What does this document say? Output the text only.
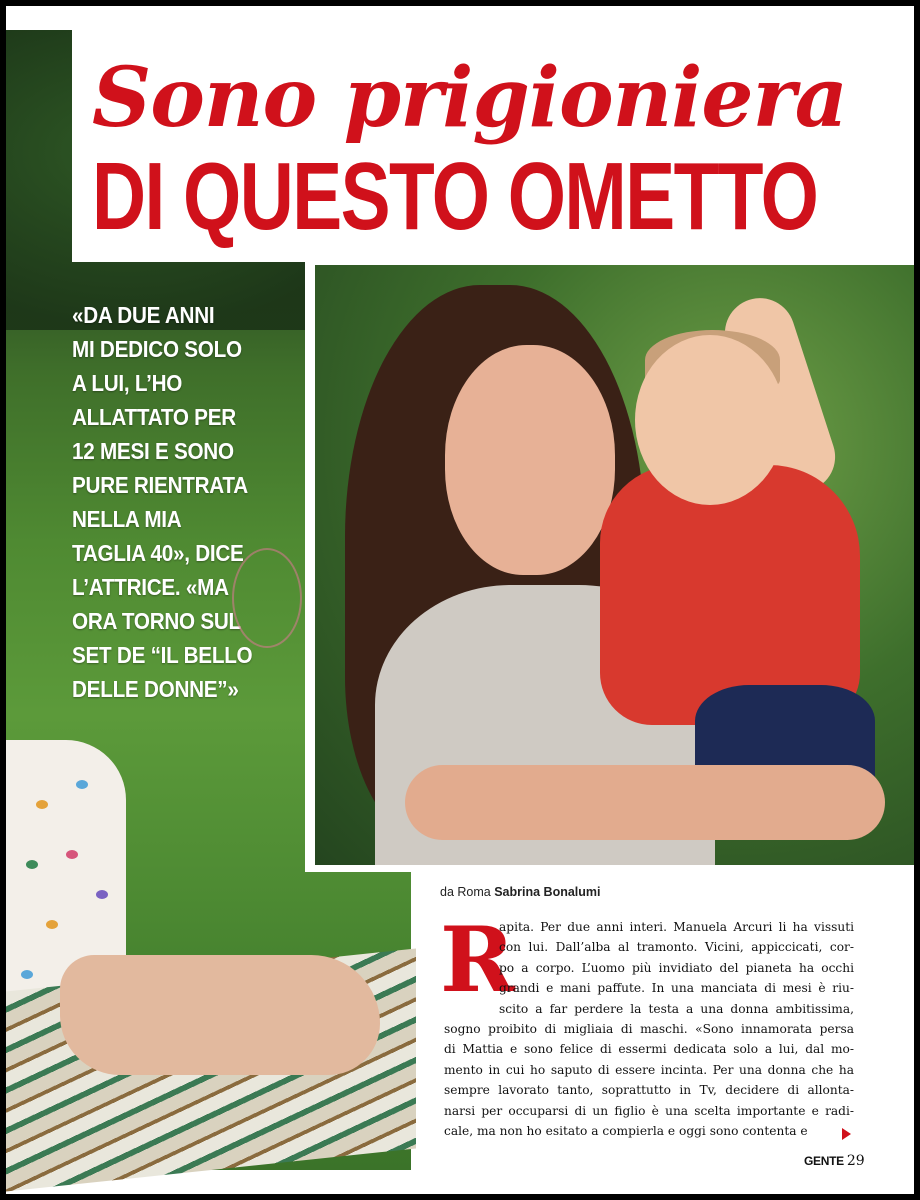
Sono prigioniera
DI QUESTO OMETTO
«DA DUE ANNI
MI DEDICO SOLO
A LUI, L’HO
ALLATTATO PER
12 MESI E SONO
PURE RIENTRATA
NELLA MIA
TAGLIA 40», DICE
L’ATTRICE. «MA
ORA TORNO SUL
SET DE “IL BELLO
DELLE DONNE”»
da Roma Sabrina Bonalumi
R
apita. Per due anni interi. Manuela Arcuri li ha vissuti
con lui. Dall’alba al tramonto. Vicini, appiccicati, cor-
po a corpo. L’uomo più invidiato del pianeta ha occhi
grandi e mani paffute. In una manciata di mesi è riu-
scito a far perdere la testa a una donna ambitissima,
sogno proibito di migliaia di maschi. «Sono innamorata persa
di Mattia e sono felice di essermi dedicata solo a lui, dal mo-
mento in cui ho saputo di essere incinta. Per una donna che ha
sempre lavorato tanto, soprattutto in Tv, decidere di allonta-
narsi per occuparsi di un figlio è una scelta importante e radi-
cale, ma non ho esitato a compierla e oggi sono contenta e
GENTE 29
